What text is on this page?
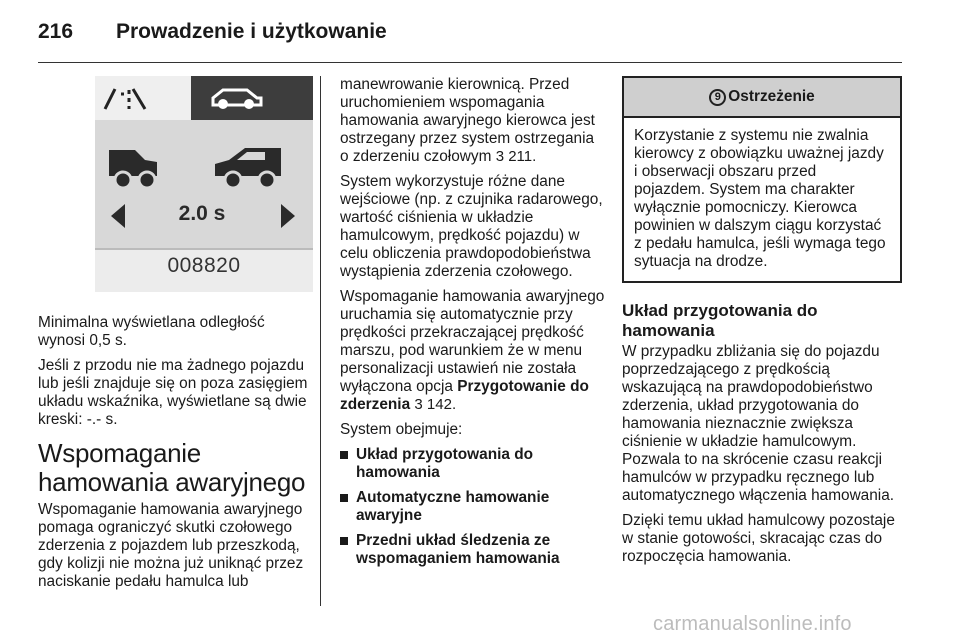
216	Prowadzenie i użytkowanie
2.0 s
008820

Minimalna wyświetlana odległość wynosi 0,5 s.

Jeśli z przodu nie ma żadnego pojazdu lub jeśli znajduje się on poza zasięgiem układu wskaźnika, wyświetlane są dwie kreski: -.- s.

Wspomaganie hamowania awaryjnego

Wspomaganie hamowania awaryjnego pomaga ograniczyć skutki czołowego zderzenia z pojazdem lub przeszkodą, gdy kolizji nie można już uniknąć przez naciskanie pedału hamulca lub

manewrowanie kierownicą. Przed uruchomieniem wspomagania hamowania awaryjnego kierowca jest ostrzegany przez system ostrzegania o zderzeniu czołowym 3 211.

System wykorzystuje różne dane wejściowe (np. z czujnika radarowego, wartość ciśnienia w układzie hamulcowym, prędkość pojazdu) w celu obliczenia prawdopodobieństwa wystąpienia zderzenia czołowego.

Wspomaganie hamowania awaryjnego uruchamia się automatycznie przy prędkości przekraczającej prędkość marszu, pod warunkiem że w menu personalizacji ustawień nie została wyłączona opcja Przygotowanie do zderzenia 3 142.

System obejmuje:

Układ przygotowania do hamowania
Automatyczne hamowanie awaryjne
Przedni układ śledzenia ze wspomaganiem hamowania
9 Ostrzeżenie
Korzystanie z systemu nie zwalnia kierowcy z obowiązku uważnej jazdy i obserwacji obszaru przed pojazdem. System ma charakter wyłącznie pomocniczy. Kierowca powinien w dalszym ciągu korzystać z pedału hamulca, jeśli wymaga tego sytuacja na drodze.
Układ przygotowania do hamowania

W przypadku zbliżania się do pojazdu poprzedzającego z prędkością wskazującą na prawdopodobieństwo zderzenia, układ przygotowania do hamowania nieznacznie zwiększa ciśnienie w układzie hamulcowym. Pozwala to na skrócenie czasu reakcji hamulców w przypadku ręcznego lub automatycznego włączenia hamowania.

Dzięki temu układ hamulcowy pozostaje w stanie gotowości, skracając czas do rozpoczęcia hamowania.

carmanualsonline.info
